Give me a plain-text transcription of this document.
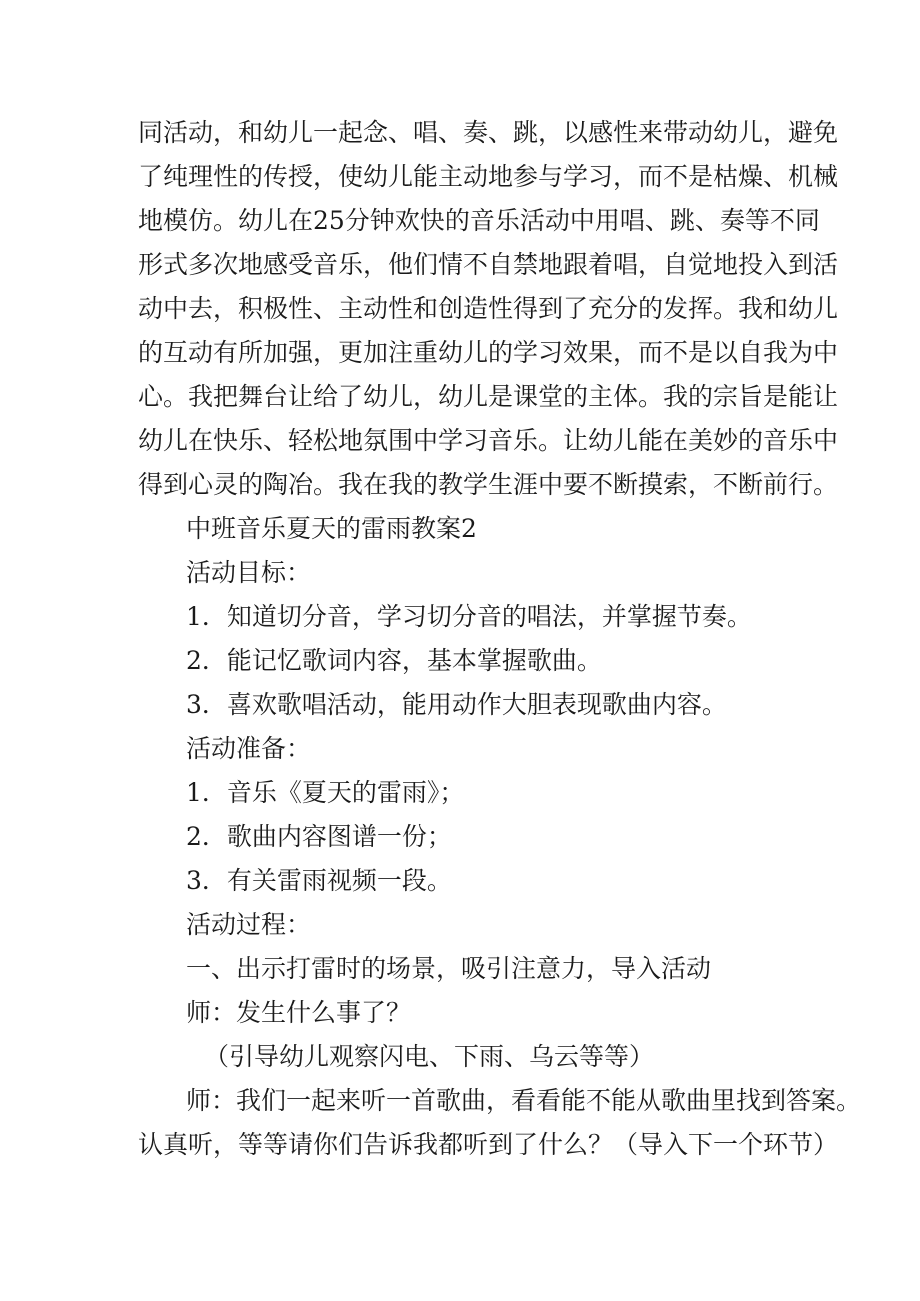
同活动，和幼儿一起念、唱、奏、跳，以感性来带动幼儿，避免

了纯理性的传授，使幼儿能主动地参与学习，而不是枯燥、机械

地模仿。幼儿在25分钟欢快的音乐活动中用唱、跳、奏等不同

形式多次地感受音乐，他们情不自禁地跟着唱，自觉地投入到活

动中去，积极性、主动性和创造性得到了充分的发挥。我和幼儿

的互动有所加强，更加注重幼儿的学习效果，而不是以自我为中

心。我把舞台让给了幼儿，幼儿是课堂的主体。我的宗旨是能让

幼儿在快乐、轻松地氛围中学习音乐。让幼儿能在美妙的音乐中

得到心灵的陶冶。我在我的教学生涯中要不断摸索，不断前行。

中班音乐夏天的雷雨教案2

活动目标：

1．知道切分音，学习切分音的唱法，并掌握节奏。

2．能记忆歌词内容，基本掌握歌曲。

3．喜欢歌唱活动，能用动作大胆表现歌曲内容。

活动准备：

1．音乐《夏天的雷雨》；

2．歌曲内容图谱一份；

3．有关雷雨视频一段。

活动过程：

一、出示打雷时的场景，吸引注意力，导入活动

师：发生什么事了？

（引导幼儿观察闪电、下雨、乌云等等）

师：我们一起来听一首歌曲，看看能不能从歌曲里找到答案。

认真听，等等请你们告诉我都听到了什么？（导入下一个环节）
